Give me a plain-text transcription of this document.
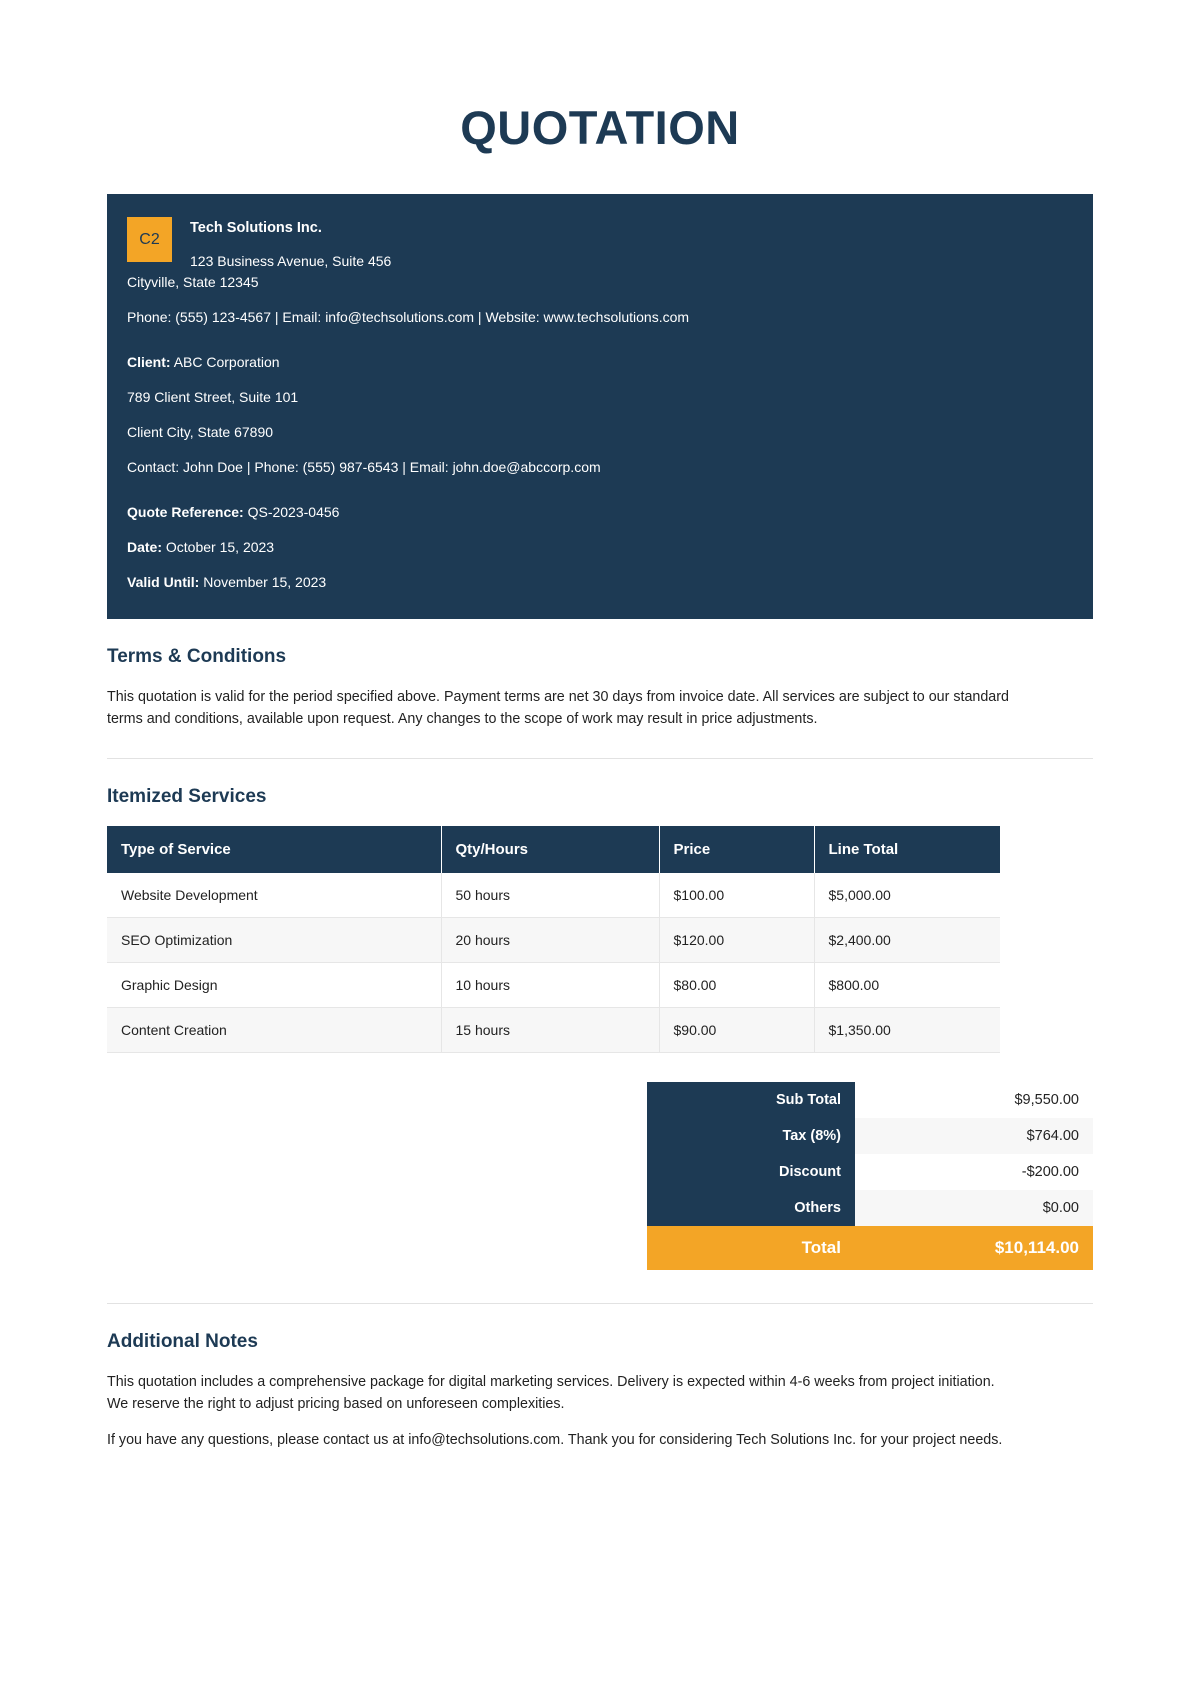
QUOTATION
C2
Tech Solutions Inc.
123 Business Avenue, Suite 456
Cityville, State 12345
Phone: (555) 123-4567 | Email: info@techsolutions.com | Website: www.techsolutions.com
Client: ABC Corporation
789 Client Street, Suite 101
Client City, State 67890
Contact: John Doe | Phone: (555) 987-6543 | Email: john.doe@abccorp.com
Quote Reference: QS-2023-0456
Date: October 15, 2023
Valid Until: November 15, 2023
Terms & Conditions

This quotation is valid for the period specified above. Payment terms are net 30 days from invoice date. All services are subject to our standard terms and conditions, available upon request. Any changes to the scope of work may result in price adjustments.

Itemized Services
Type of Service	Qty/Hours	Price	Line Total
Website Development	50 hours	$100.00	$5,000.00
SEO Optimization	20 hours	$120.00	$2,400.00
Graphic Design	10 hours	$80.00	$800.00
Content Creation	15 hours	$90.00	$1,350.00
Sub Total	$9,550.00
Tax (8%)	$764.00
Discount	-$200.00
Others	$0.00
Total	$10,114.00
Additional Notes

This quotation includes a comprehensive package for digital marketing services. Delivery is expected within 4-6 weeks from project initiation. We reserve the right to adjust pricing based on unforeseen complexities.

If you have any questions, please contact us at info@techsolutions.com. Thank you for considering Tech Solutions Inc. for your project needs.
